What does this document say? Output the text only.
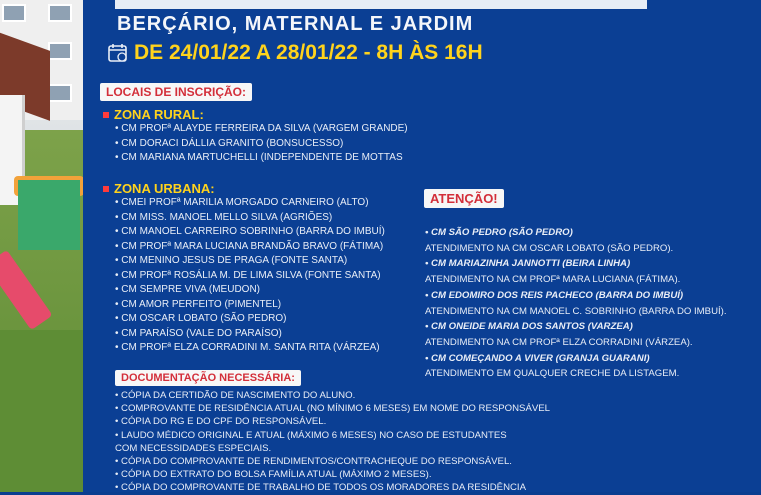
BERÇÁRIO, MATERNAL E JARDIM
DE 24/01/22 A 28/01/22 - 8H ÀS 16H
LOCAIS DE INSCRIÇÃO:
ZONA RURAL:
• CM PROFª ALAYDE FERREIRA DA SILVA (VARGEM GRANDE)
• CM DORACI DÁLLIA GRANITO (BONSUCESSO)
• CM MARIANA MARTUCHELLI (INDEPENDENTE DE MOTTAS
ZONA URBANA:
• CMEI PROFª MARILIA MORGADO CARNEIRO (ALTO)
• CM MISS. MANOEL MELLO SILVA (AGRIÕES)
• CM MANOEL CARREIRO SOBRINHO (BARRA DO IMBUÍ)
• CM PROFª MARA LUCIANA BRANDÃO BRAVO (FÁTIMA)
• CM MENINO JESUS DE PRAGA (FONTE SANTA)
• CM PROFª ROSÁLIA M. DE LIMA SILVA (FONTE SANTA)
• CM SEMPRE VIVA (MEUDON)
• CM AMOR PERFEITO (PIMENTEL)
• CM OSCAR LOBATO (SÃO PEDRO)
• CM PARAÍSO (VALE DO PARAÍSO)
• CM PROFª ELZA CORRADINI M. SANTA RITA (VÁRZEA)
ATENÇÃO!
• CM SÃO PEDRO (SÃO PEDRO)
ATENDIMENTO NA CM OSCAR LOBATO (SÃO PEDRO).
• CM MARIAZINHA JANNOTTI (BEIRA LINHA)
ATENDIMENTO NA CM PROFª MARA LUCIANA (FÁTIMA).
• CM EDOMIRO DOS REIS PACHECO (BARRA DO IMBUÍ)
ATENDIMENTO NA CM MANOEL C. SOBRINHO (BARRA DO IMBUÍ).
• CM ONEIDE MARIA DOS SANTOS (VARZEA)
ATENDIMENTO NA CM PROFª ELZA CORRADINI (VÁRZEA).
• CM COMEÇANDO A VIVER (GRANJA GUARANI)
ATENDIMENTO EM QUALQUER CRECHE DA LISTAGEM.
DOCUMENTAÇÃO NECESSÁRIA:
• CÓPIA DA CERTIDÃO DE NASCIMENTO DO ALUNO.
• COMPROVANTE DE RESIDÊNCIA ATUAL (NO MÍNIMO 6 MESES) EM NOME DO RESPONSÁVEL
• CÓPIA DO RG E DO CPF DO RESPONSÁVEL.
• LAUDO MÉDICO ORIGINAL E ATUAL (MÁXIMO 6 MESES) NO CASO DE ESTUDANTES
COM NECESSIDADES ESPECIAIS.
• CÓPIA DO COMPROVANTE DE RENDIMENTOS/CONTRACHEQUE DO RESPONSÁVEL.
• CÓPIA DO EXTRATO DO BOLSA FAMÍLIA ATUAL (MÁXIMO 2 MESES).
• CÓPIA DO COMPROVANTE DE TRABALHO DE TODOS OS MORADORES DA RESIDÊNCIA
